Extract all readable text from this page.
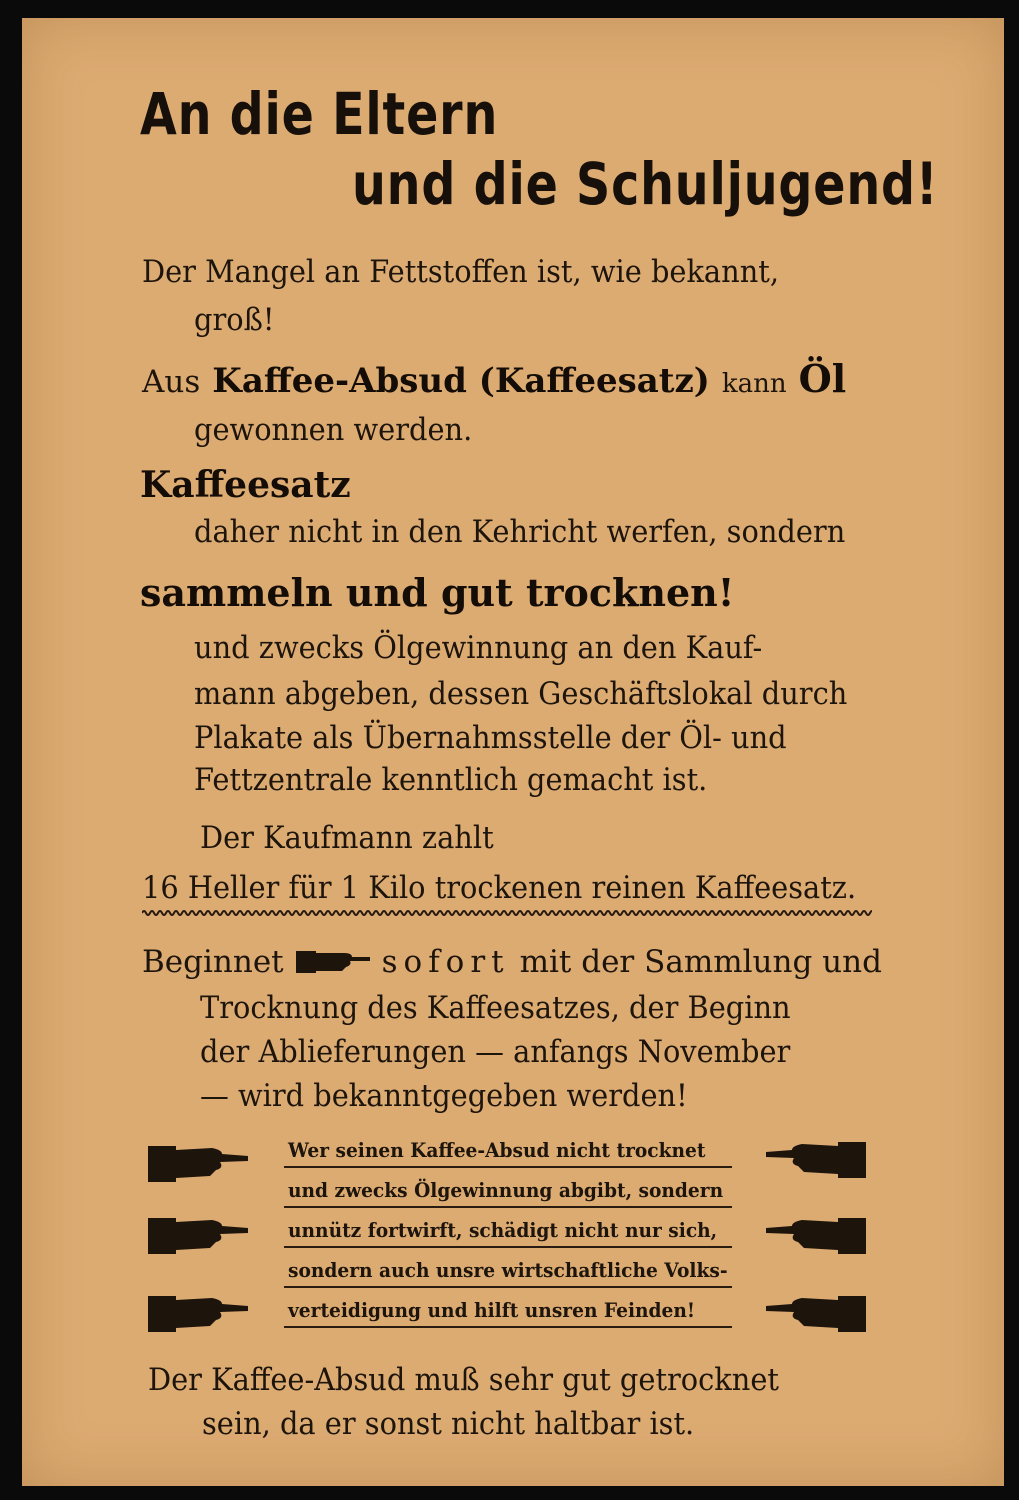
An die Eltern
und die Schuljugend!
Der Mangel an Fettstoffen ist, wie bekannt,
groß!
Aus Kaffee-Absud (Kaffeesatz) kann Öl
gewonnen werden.
Kaffeesatz
daher nicht in den Kehricht werfen, sondern
sammeln und gut trocknen!
und zwecks Ölgewinnung an den Kauf-
mann abgeben, dessen Geschäftslokal durch
Plakate als Übernahmsstelle der Öl- und
Fettzentrale kenntlich gemacht ist.
Der Kaufmann zahlt
16 Heller für 1 Kilo trockenen reinen Kaffeesatz.
Beginnet	sofort mit der Sammlung und
Trocknung des Kaffeesatzes, der Beginn
der Ablieferungen — anfangs November
— wird bekanntgegeben werden!
Wer seinen Kaffee-Absud nicht trocknet
und zwecks Ölgewinnung abgibt, sondern
unnütz fortwirft, schädigt nicht nur sich,
sondern auch unsre wirtschaftliche Volks-
verteidigung und hilft unsren Feinden!
Der Kaffee-Absud muß sehr gut getrocknet
sein, da er sonst nicht haltbar ist.
